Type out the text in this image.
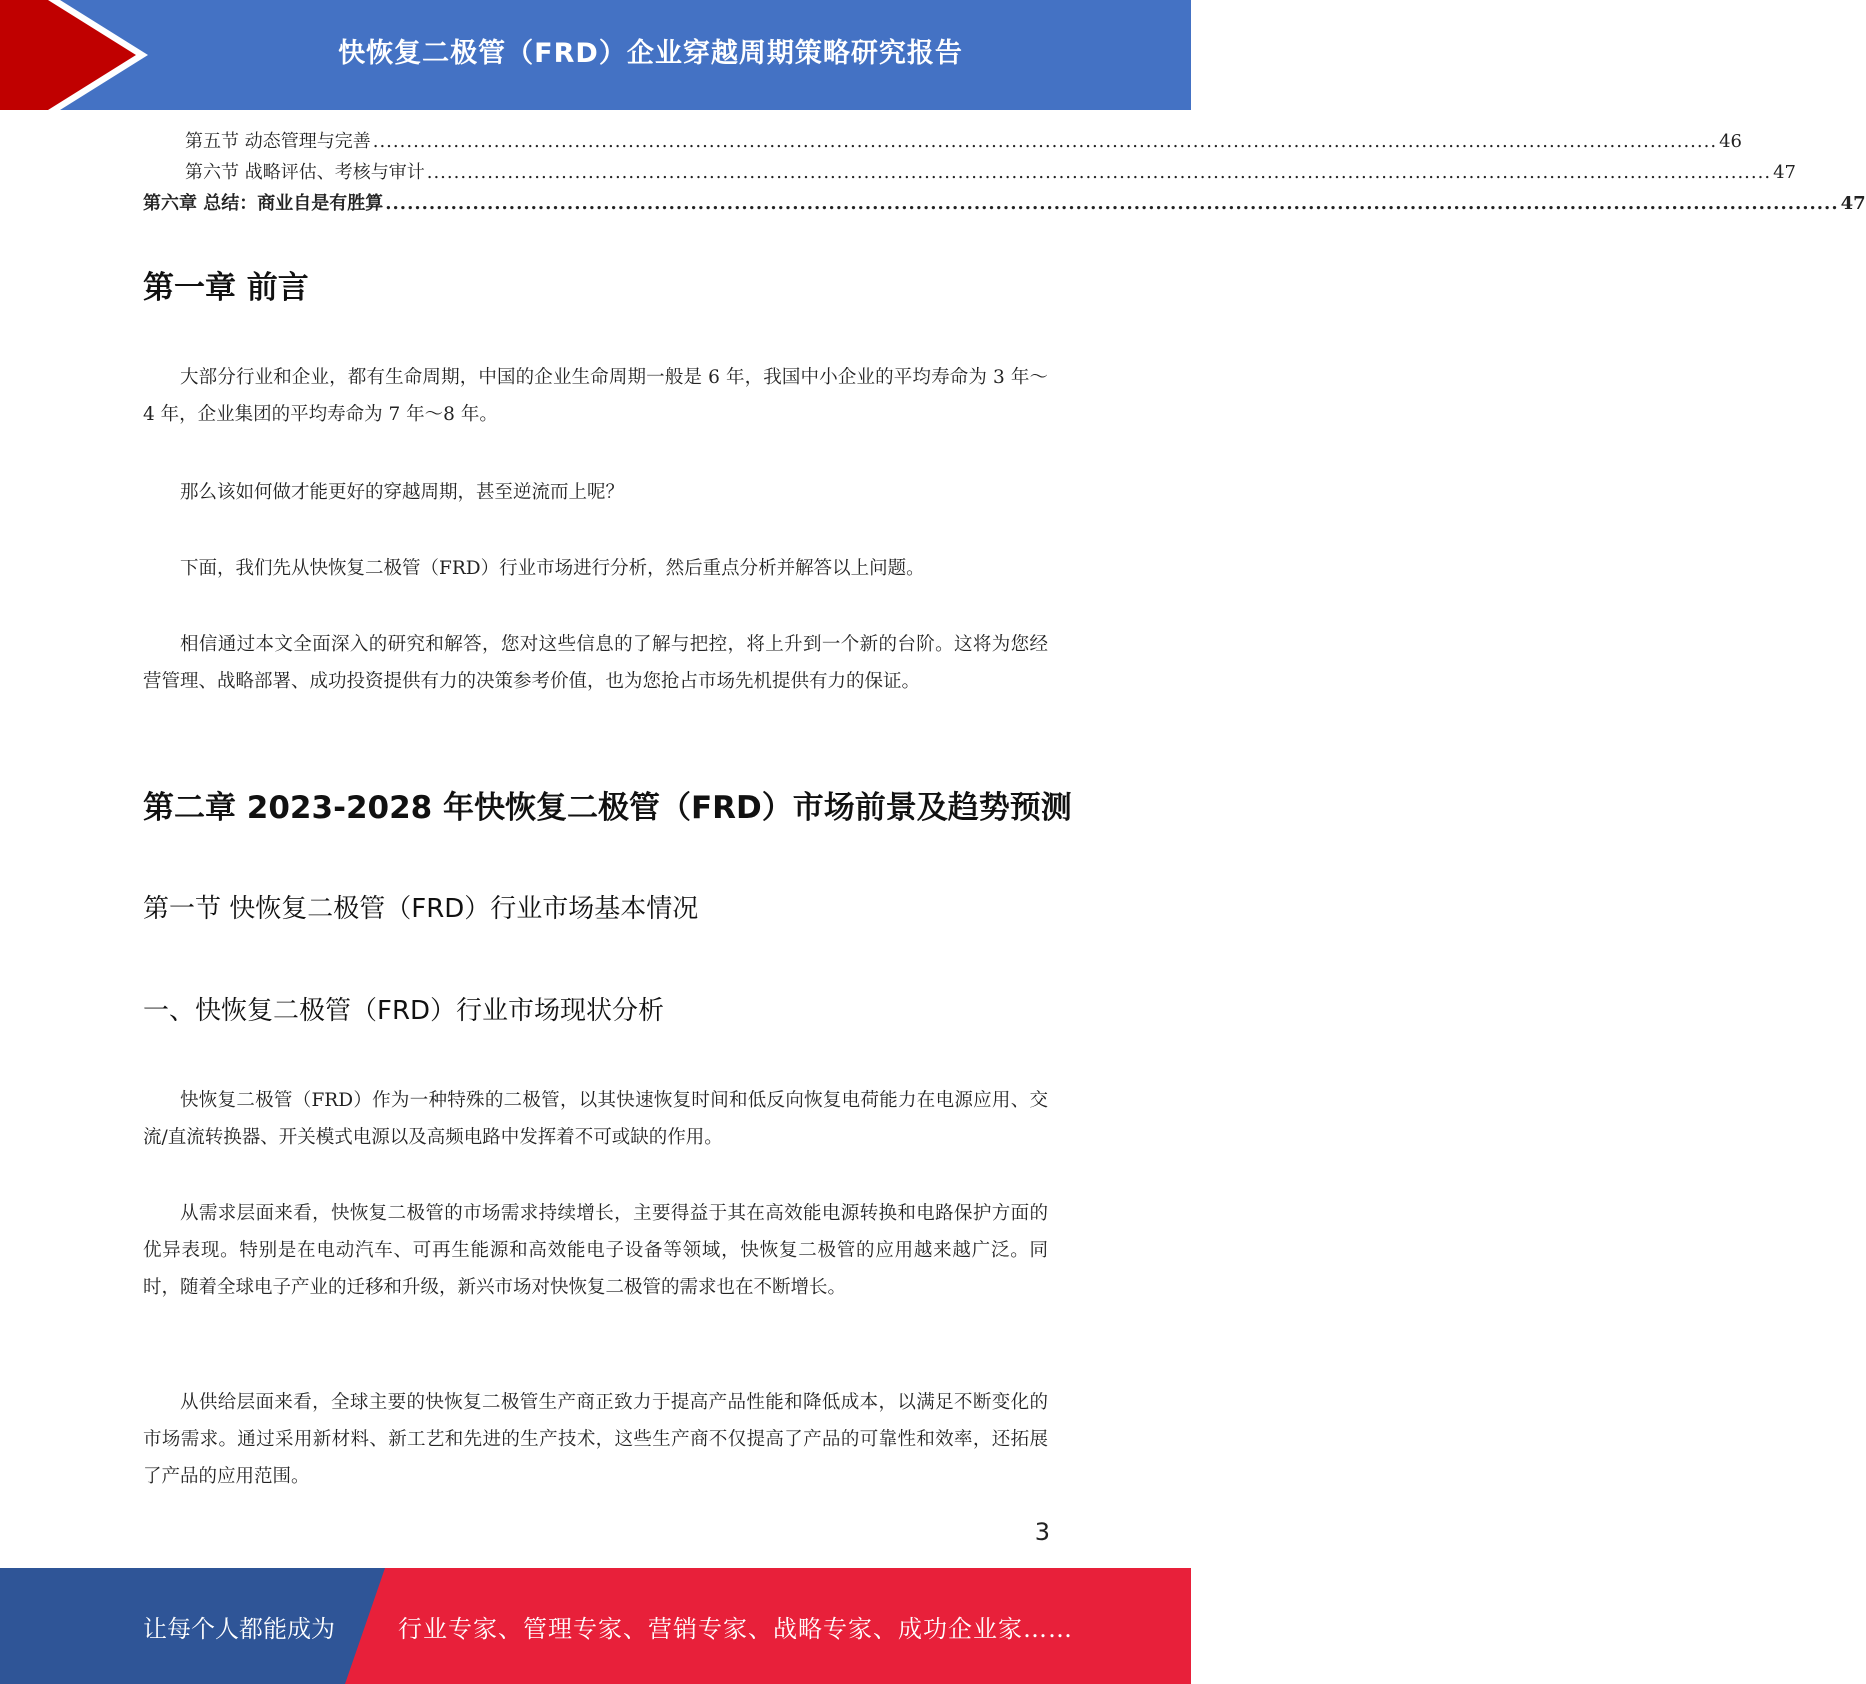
快恢复二极管（FRD）企业穿越周期策略研究报告
第五节 动态管理与完善 ........................................................................................................................................................................................................ 46
第六节 战略评估、考核与审计 ........................................................................................................................................................................................................ 47
第六章 总结：商业自是有胜算 ........................................................................................................................................................................................................ 47
第一章 前言

大部分行业和企业，都有生命周期，中国的企业生命周期一般是 6 年，我国中小企业的平均寿命为 3 年～4 年，企业集团的平均寿命为 7 年～8 年。

那么该如何做才能更好的穿越周期，甚至逆流而上呢？

下面，我们先从快恢复二极管（FRD）行业市场进行分析，然后重点分析并解答以上问题。

相信通过本文全面深入的研究和解答，您对这些信息的了解与把控，将上升到一个新的台阶。这将为您经营管理、战略部署、成功投资提供有力的决策参考价值，也为您抢占市场先机提供有力的保证。

第二章 2023-2028 年快恢复二极管（FRD）市场前景及趋势预测
第一节 快恢复二极管（FRD）行业市场基本情况
一、快恢复二极管（FRD）行业市场现状分析

快恢复二极管（FRD）作为一种特殊的二极管，以其快速恢复时间和低反向恢复电荷能力在电源应用、交流/直流转换器、开关模式电源以及高频电路中发挥着不可或缺的作用。

从需求层面来看，快恢复二极管的市场需求持续增长，主要得益于其在高效能电源转换和电路保护方面的优异表现。特别是在电动汽车、可再生能源和高效能电子设备等领域，快恢复二极管的应用越来越广泛。同时，随着全球电子产业的迁移和升级，新兴市场对快恢复二极管的需求也在不断增长。

从供给层面来看，全球主要的快恢复二极管生产商正致力于提高产品性能和降低成本，以满足不断变化的市场需求。通过采用新材料、新工艺和先进的生产技术，这些生产商不仅提高了产品的可靠性和效率，还拓展了产品的应用范围。

3
让每个人都能成为	行业专家、管理专家、营销专家、战略专家、成功企业家……
